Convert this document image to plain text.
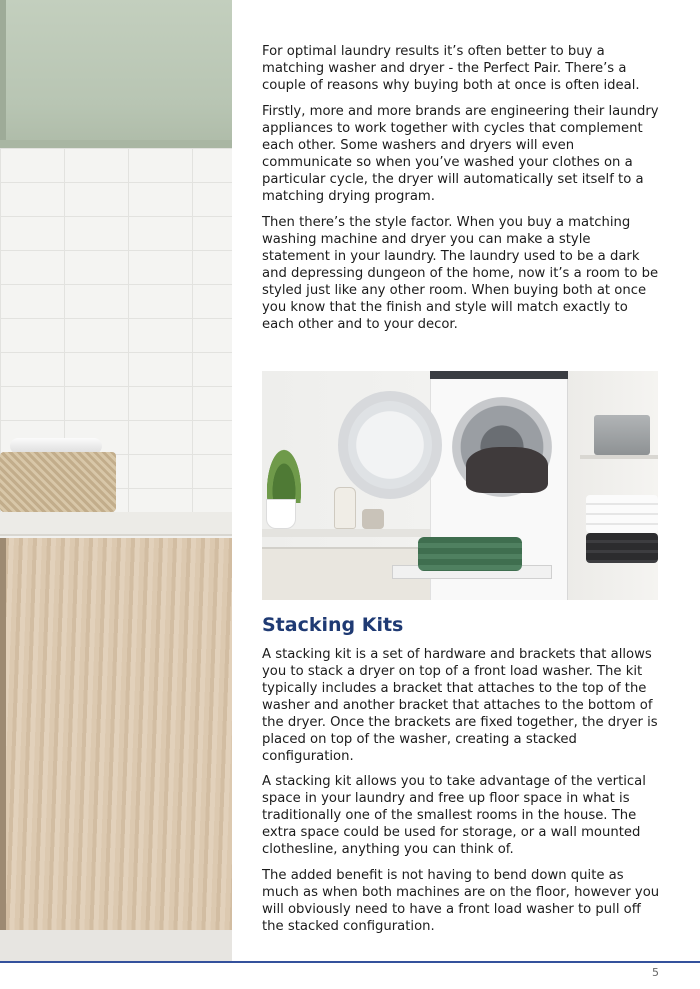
For optimal laundry results it’s often better to buy a matching washer and dryer - the Perfect Pair. There’s a couple of reasons why buying both at once is often ideal.

Firstly, more and more brands are engineering their laundry appliances to work together with cycles that complement each other. Some washers and dryers will even communicate so when you’ve washed your clothes on a particular cycle, the dryer will automatically set itself to a matching drying program.

Then there’s the style factor. When you buy a matching washing machine and dryer you can make a style statement in your laundry. The laundry used to be a dark and depressing dungeon of the home, now it’s a room to be styled just like any other room. When buying both at once you know that the finish and style will match exactly to each other and to your decor.

Stacking Kits

A stacking kit is a set of hardware and brackets that allows you to stack a dryer on top of a front load washer. The kit typically includes a bracket that attaches to the top of the washer and another bracket that attaches to the bottom of the dryer. Once the brackets are fixed together, the dryer is placed on top of the washer, creating a stacked configuration.

A stacking kit allows you to take advantage of the vertical space in your laundry and free up floor space in what is traditionally one of the smallest rooms in the house. The extra space could be used for storage, or a wall mounted clothesline, anything you can think of.

The added benefit is not having to bend down quite as much as when both machines are on the floor, however you will obviously need to have a front load washer to pull off the stacked configuration.

5
